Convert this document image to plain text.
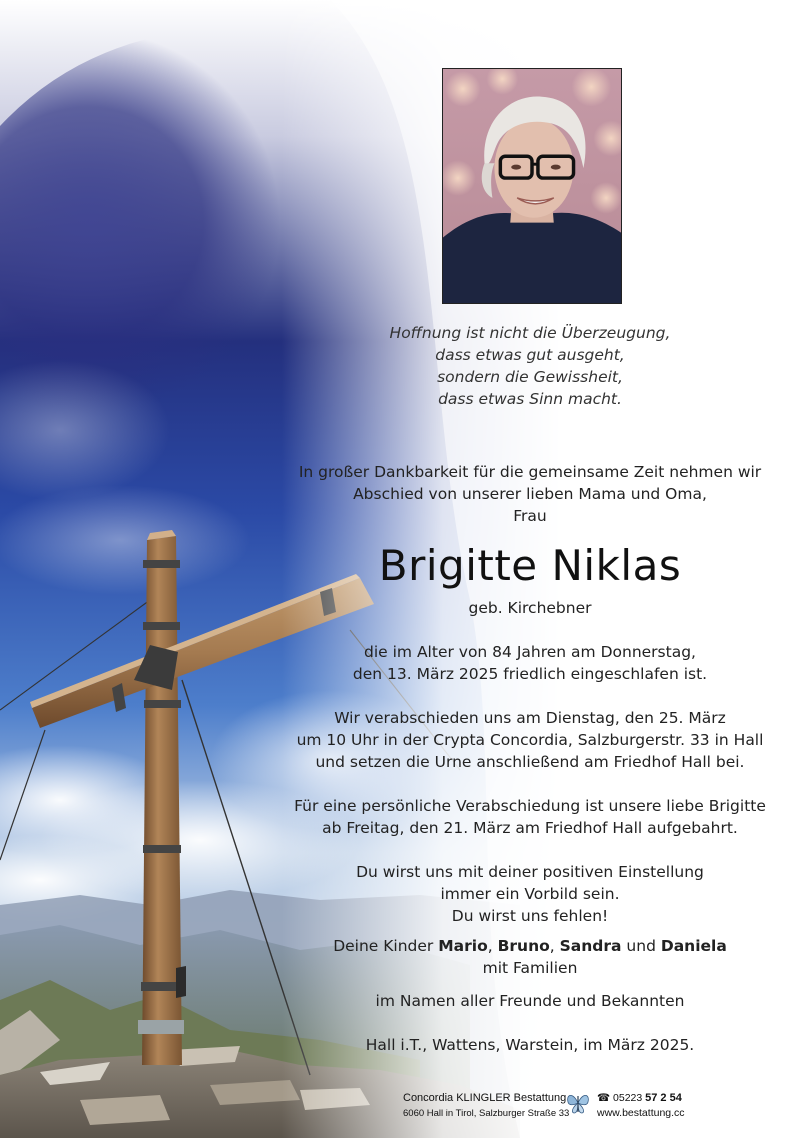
Hoffnung ist nicht die Überzeugung,
dass etwas gut ausgeht,
sondern die Gewissheit,
dass etwas Sinn macht.
In großer Dankbarkeit für die gemeinsame Zeit nehmen wir
Abschied von unserer lieben Mama und Oma,
Frau
Brigitte Niklas
geb. Kirchebner
die im Alter von 84 Jahren am Donnerstag,
den 13. März 2025 friedlich eingeschlafen ist.
Wir verabschieden uns am Dienstag, den 25. März
um 10 Uhr in der Crypta Concordia, Salzburgerstr. 33 in Hall
und setzen die Urne anschließend am Friedhof Hall bei.
Für eine persönliche Verabschiedung ist unsere liebe Brigitte
ab Freitag, den 21. März am Friedhof Hall aufgebahrt.
Du wirst uns mit deiner positiven Einstellung
immer ein Vorbild sein.
Du wirst uns fehlen!
Deine Kinder Mario, Bruno, Sandra und Daniela
mit Familien
im Namen aller Freunde und Bekannten
Hall i.T., Wattens, Warstein, im März 2025.
Concordia KLINGLER Bestattung
6060 Hall in Tirol, Salzburger Straße 33
☎ 05223 57 2 54
www.bestattung.cc
